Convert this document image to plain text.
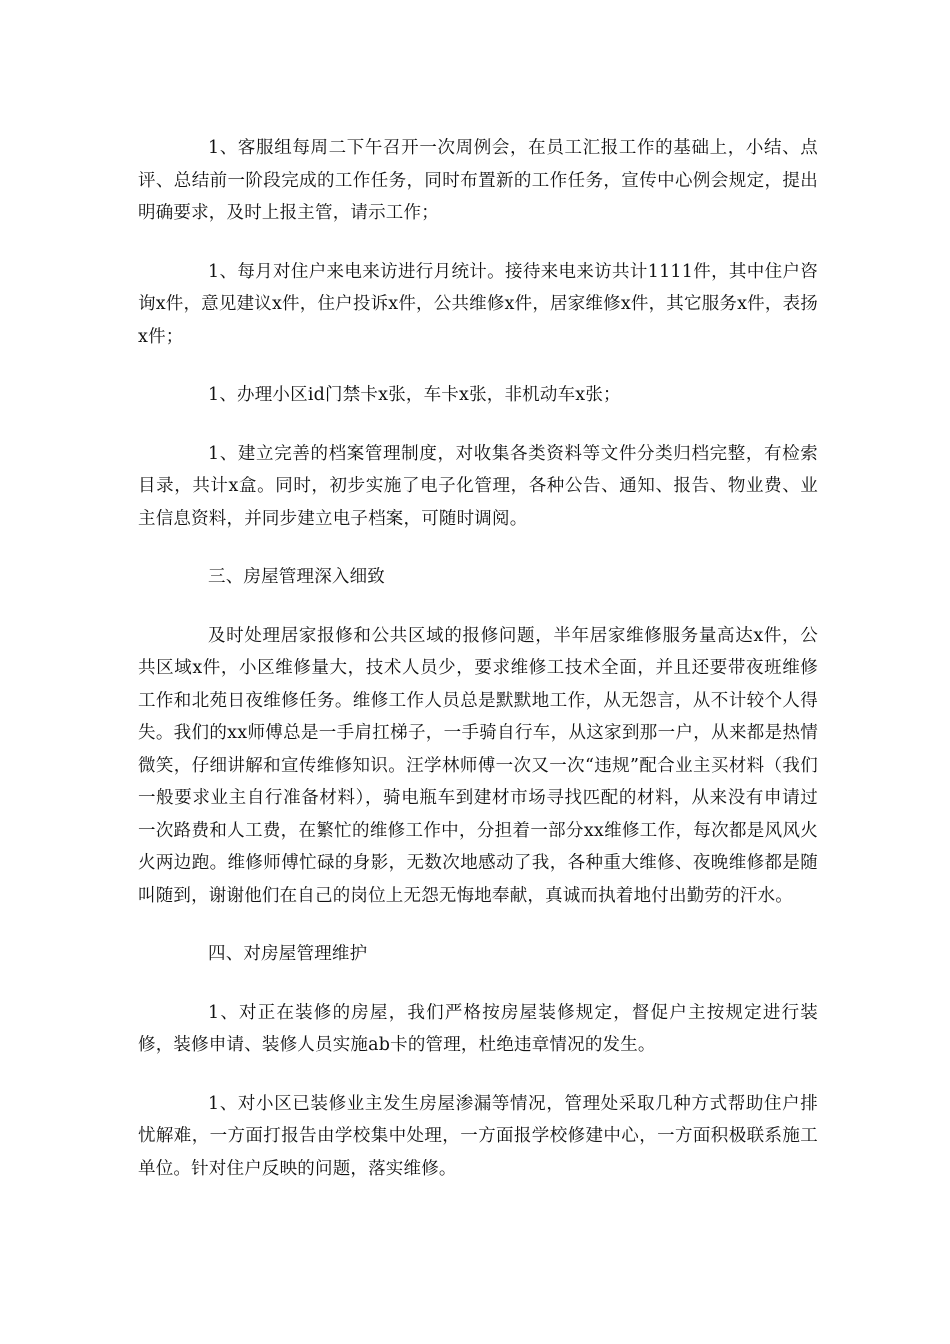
1、客服组每周二下午召开一次周例会，在员工汇报工作的基础上，小结、点评、总结前一阶段完成的工作任务，同时布置新的工作任务，宣传中心例会规定，提出明确要求，及时上报主管，请示工作；

1、每月对住户来电来访进行月统计。接待来电来访共计1111件，其中住户咨询x件，意见建议x件，住户投诉x件，公共维修x件，居家维修x件，其它服务x件，表扬x件；

1、办理小区id门禁卡x张，车卡x张，非机动车x张；

1、建立完善的档案管理制度，对收集各类资料等文件分类归档完整，有检索目录，共计x盒。同时，初步实施了电子化管理，各种公告、通知、报告、物业费、业主信息资料，并同步建立电子档案，可随时调阅。

三、房屋管理深入细致

及时处理居家报修和公共区域的报修问题，半年居家维修服务量高达x件，公共区域x件，小区维修量大，技术人员少，要求维修工技术全面，并且还要带夜班维修工作和北苑日夜维修任务。维修工作人员总是默默地工作，从无怨言，从不计较个人得失。我们的xx师傅总是一手肩扛梯子，一手骑自行车，从这家到那一户，从来都是热情微笑，仔细讲解和宣传维修知识。汪学林师傅一次又一次“违规”配合业主买材料（我们一般要求业主自行准备材料），骑电瓶车到建材市场寻找匹配的材料，从来没有申请过一次路费和人工费，在繁忙的维修工作中，分担着一部分xx维修工作，每次都是风风火火两边跑。维修师傅忙碌的身影，无数次地感动了我，各种重大维修、夜晚维修都是随叫随到，谢谢他们在自己的岗位上无怨无悔地奉献，真诚而执着地付出勤劳的汗水。

四、对房屋管理维护

1、对正在装修的房屋，我们严格按房屋装修规定，督促户主按规定进行装修，装修申请、装修人员实施ab卡的管理，杜绝违章情况的发生。

1、对小区已装修业主发生房屋渗漏等情况，管理处采取几种方式帮助住户排忧解难，一方面打报告由学校集中处理，一方面报学校修建中心，一方面积极联系施工单位。针对住户反映的问题，落实维修。
